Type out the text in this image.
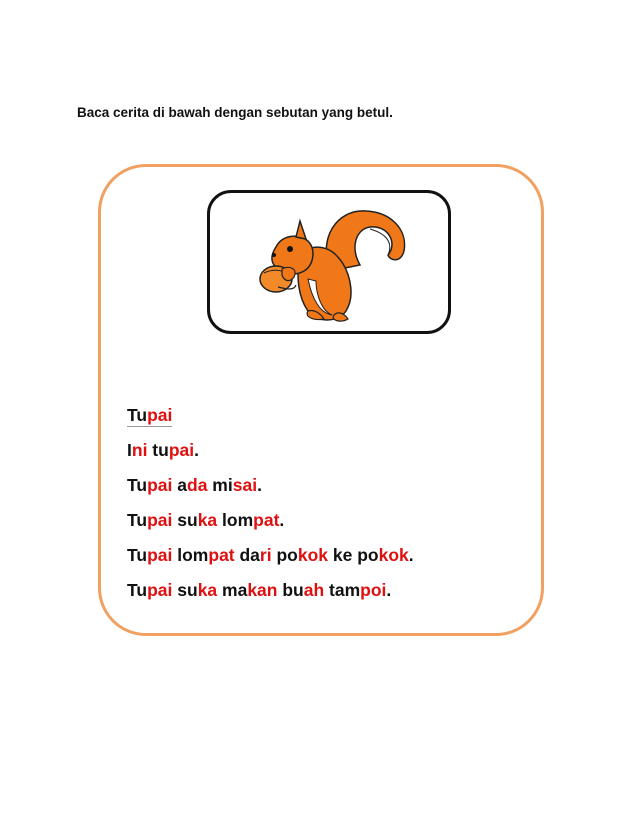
Baca cerita di bawah dengan sebutan yang betul.
Tupai
Ini tupai.
Tupai ada misai.
Tupai suka lompat.
Tupai lompat dari pokok ke pokok.
Tupai suka makan buah tampoi.
